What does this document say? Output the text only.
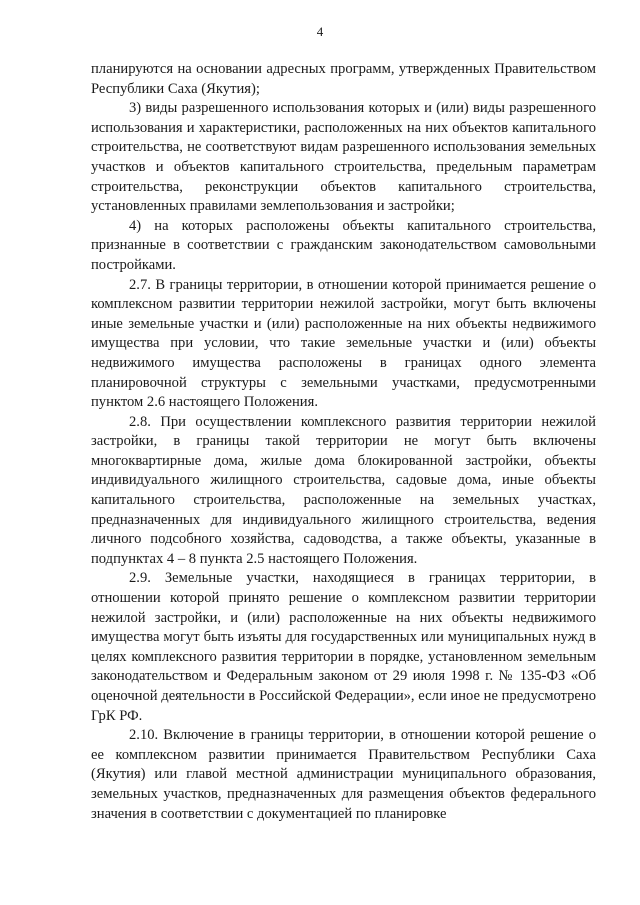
4

планируются на основании адресных программ, утвержденных Правительством Республики Саха (Якутия);

3) виды разрешенного использования которых и (или) виды разрешенного использования и характеристики, расположенных на них объектов капитального строительства, не соответствуют видам разрешенного использования земельных участков и объектов капитального строительства, предельным параметрам строительства, реконструкции объектов капитального строительства, установленных правилами землепользования и застройки;

4) на которых расположены объекты капитального строительства, признанные в соответствии с гражданским законодательством самовольными постройками.

2.7. В границы территории, в отношении которой принимается решение о комплексном развитии территории нежилой застройки, могут быть включены иные земельные участки и (или) расположенные на них объекты недвижимого имущества при условии, что такие земельные участки и (или) объекты недвижимого имущества расположены в границах одного элемента планировочной структуры с земельными участками, предусмотренными пунктом 2.6 настоящего Положения.

2.8. При осуществлении комплексного развития территории нежилой застройки, в границы такой территории не могут быть включены многоквартирные дома, жилые дома блокированной застройки, объекты индивидуального жилищного строительства, садовые дома, иные объекты капитального строительства, расположенные на земельных участках, предназначенных для индивидуального жилищного строительства, ведения личного подсобного хозяйства, садоводства, а также объекты, указанные в подпунктах 4 – 8 пункта 2.5 настоящего Положения.

2.9. Земельные участки, находящиеся в границах территории, в отношении которой принято решение о комплексном развитии территории нежилой застройки, и (или) расположенные на них объекты недвижимого имущества могут быть изъяты для государственных или муниципальных нужд в целях комплексного развития территории в порядке, установленном земельным законодательством и Федеральным законом от 29 июля 1998 г. № 135-ФЗ «Об оценочной деятельности в Российской Федерации», если иное не предусмотрено ГрК РФ.

2.10. Включение в границы территории, в отношении которой решение о ее комплексном развитии принимается Правительством Республики Саха (Якутия) или главой местной администрации муниципального образования, земельных участков, предназначенных для размещения объектов федерального значения в соответствии с документацией по планировке
